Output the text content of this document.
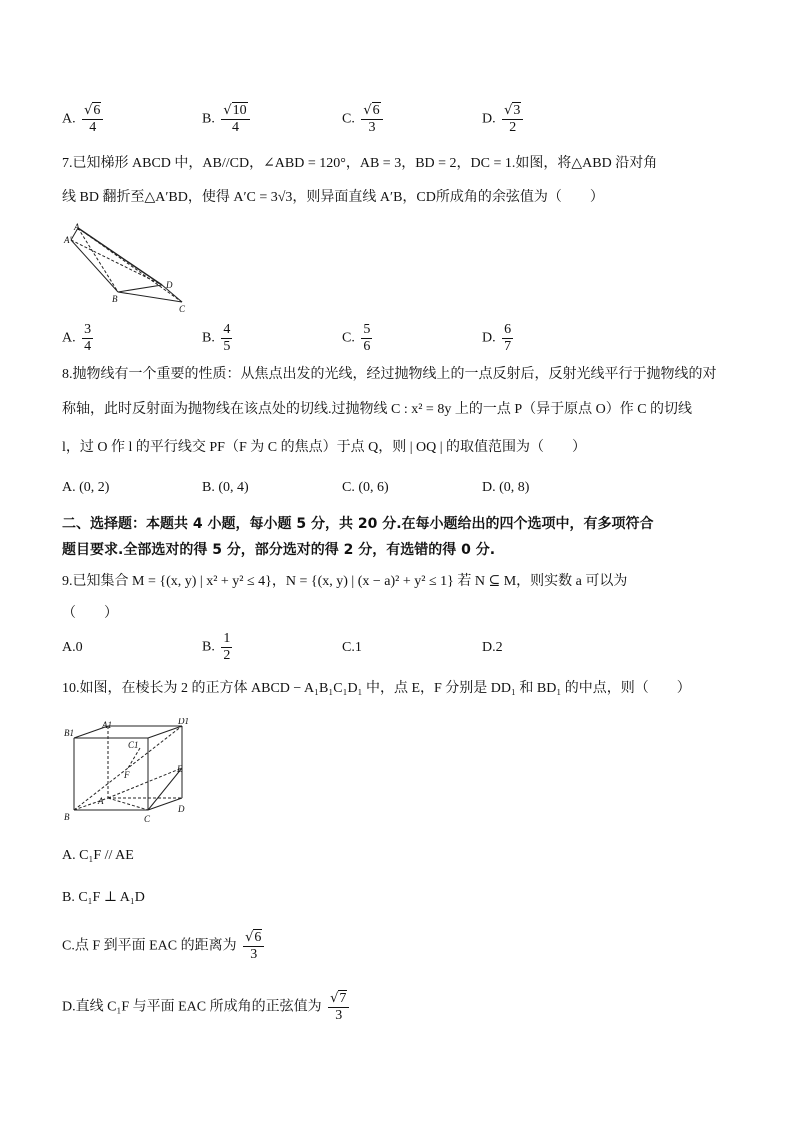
A. $\frac{√6}{4}$	B. $\frac{√10}{4}$	C. $\frac{√6}{3}$	D. $\frac{√3}{2}$
7.已知梯形 ABCD 中，AB//CD，∠ABD = 120°，AB = 3，BD = 2，DC = 1.如图，将△ABD 沿对角
线 BD 翻折至△A′BD，使得 A′C = 3√3，则异面直线 A′B，CD所成角的余弦值为（　　）
A
A'
B
D
C
A. $\frac{3}{4}$	B. $\frac{4}{5}$	C. $\frac{5}{6}$	D. $\frac{6}{7}$
8.抛物线有一个重要的性质：从焦点出发的光线，经过抛物线上的一点反射后，反射光线平行于抛物线的对
称轴，此时反射面为抛物线在该点处的切线.过抛物线 C : x² = 8y 上的一点 P（异于原点 O）作 C 的切线
l，过 O 作 l 的平行线交 PF（F 为 C 的焦点）于点 Q，则 | OQ | 的取值范围为（　　）
A. (0, 2)	B. (0, 4)	C. (0, 6)	D. (0, 8)
二、选择题：本题共 4 小题，每小题 5 分，共 20 分.在每小题给出的四个选项中，有多项符合
题目要求.全部选对的得 5 分，部分选对的得 2 分，有选错的得 0 分.
9.已知集合 M = {(x, y) | x² + y² ≤ 4}，N = {(x, y) | (x − a)² + y² ≤ 1} 若 N ⊆ M，则实数 a 可以为
（　　）
A.0	B. $\frac{1}{2}$	C.1	D.2
10.如图，在棱长为 2 的正方体 ABCD − A₁B₁C₁D₁ 中，点 E，F 分别是 DD₁ 和 BD₁ 的中点，则（　　）
A1
B1
C1
D1
E
F
A
B	C
D
A. C₁F // AE
B. C₁F ⊥ A₁D
C.点 F 到平面 EAC 的距离为 $\frac{√6}{3}$
D.直线 C₁F 与平面 EAC 所成角的正弦值为 $\frac{√7}{3}$
